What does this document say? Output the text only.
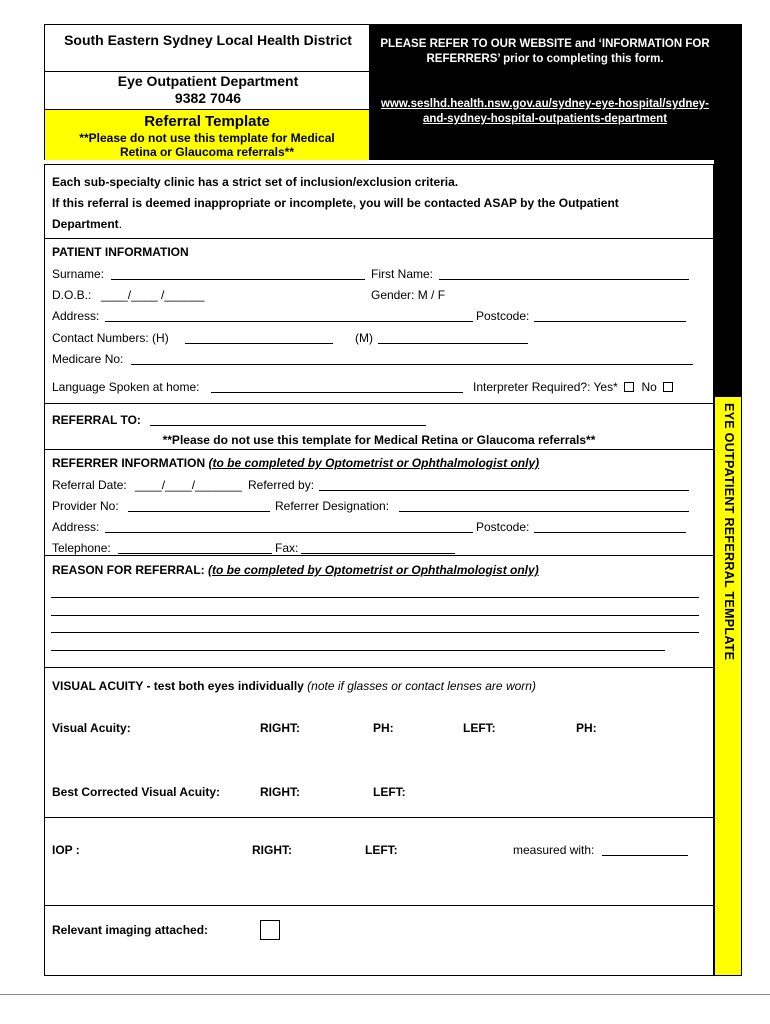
South Eastern Sydney Local Health District
Eye Outpatient Department
9382 7046
Referral Template
**Please do not use this template for Medical Retina or Glaucoma referrals**
PLEASE REFER TO OUR WEBSITE and ‘INFORMATION FOR REFERRERS’ prior to completing this form.
www.seslhd.health.nsw.gov.au/sydney-eye-hospital/sydney-and-sydney-hospital-outpatients-department
EYE OUTPATIENT REFERRAL TEMPLATE
Each sub-specialty clinic has a strict set of inclusion/exclusion criteria.
If this referral is deemed inappropriate or incomplete, you will be contacted ASAP by the Outpatient
Department.
PATIENT INFORMATION
Surname:	First Name:
D.O.B.: ____/____ /______	Gender: M / F
Address:	Postcode:
Contact Numbers: (H)	(M)
Medicare No:
Language Spoken at home:	Interpreter Required?: Yes* No
REFERRAL TO:
**Please do not use this template for Medical Retina or Glaucoma referrals**
REFERRER INFORMATION (to be completed by Optometrist or Ophthalmologist only)
Referral Date: ____/____/_______ Referred by:
Provider No:	Referrer Designation:
Address:	Postcode:
Telephone:	Fax:
REASON FOR REFERRAL: (to be completed by Optometrist or Ophthalmologist only)
VISUAL ACUITY - test both eyes individually (note if glasses or contact lenses are worn)
Visual Acuity:	RIGHT:	PH:	LEFT:	PH:
Best Corrected Visual Acuity:	RIGHT:	LEFT:
IOP :	RIGHT:	LEFT:	measured with:
Relevant imaging attached:
